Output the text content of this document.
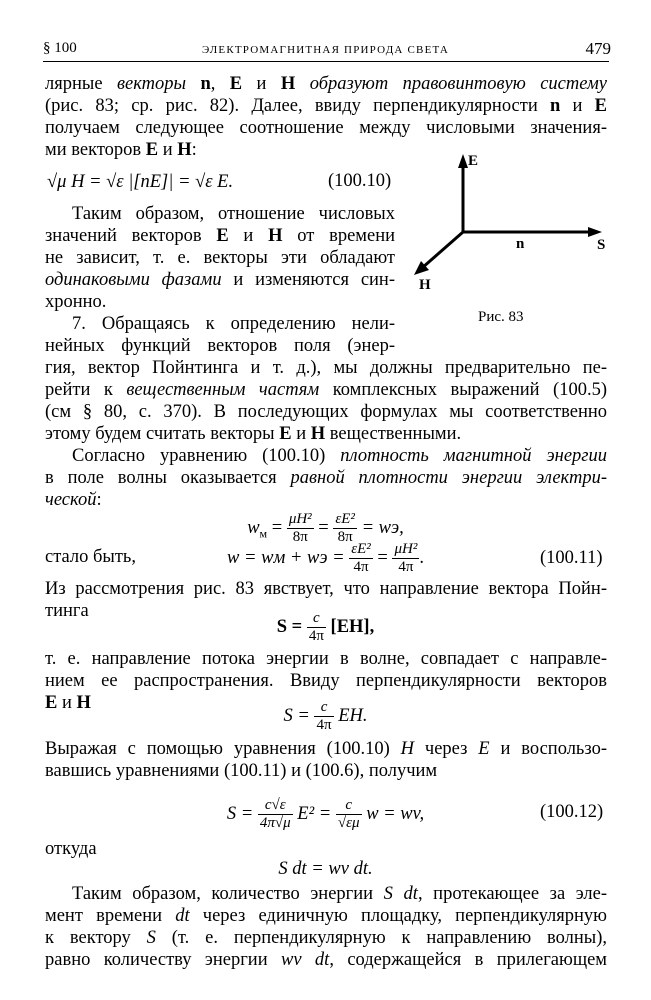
§ 100	ЭЛЕКТРОМАГНИТНАЯ ПРИРОДА СВЕТА	479
лярные векторы n, E и H образуют правовинтовую систему
(рис. 83; ср. рис. 82). Далее, ввиду перпендикулярности n и E
получаем следующее соотношение между числовыми значения-
ми векторов E и H:
√μ H = √ε |[nE]| = √ε E.	(100.10)
E
n	S
H
Рис. 83
Таким образом, отношение числовых
значений векторов E и H от времени
не зависит, т. е. векторы эти обладают
одинаковыми фазами и изменяются син-
хронно.
7. Обращаясь к определению нели-
нейных функций векторов поля (энер-
гия, вектор Пойнтинга и т. д.), мы должны предварительно пе-
рейти к вещественным частям комплексных выражений (100.5)
(см § 80, с. 370). В последующих формулах мы соответственно
этому будем считать векторы E и H вещественными.
Согласно уравнению (100.10) плотность магнитной энергии
в поле волны оказывается равной плотности энергии электри-
ческой:
$w_м = \frac{\text{μH²}}{8\pi} = \frac{\text{εE²}}{8\pi}$ = wэ,
стало быть,	w = wм + wэ = $\frac{\text{εE²}}{4\pi} = \frac{\text{μH²}}{4\pi}$ .	(100.11)
Из рассмотрения рис. 83 явствует, что направление вектора Пойн-
тинга
$S = \frac{c}{4\pi} [EH]$,
т. е. направление потока энергии в волне, совпадает с направле-
нием ее распространения. Ввиду перпендикулярности векторов
E и H
$S = \frac{c}{4\pi}$ EH.
Выражая с помощью уравнения (100.10) H через E и воспользо-
вавшись уравнениями (100.11) и (100.6), получим
$S = \frac{c√\varepsilon}{4\pi√\mu} E^2 = \frac{c}{√\varepsilon\mu}$ w = wv,	(100.12)
откуда
S dt = wv dt.
Таким образом, количество энергии S dt, протекающее за эле-
мент времени dt через единичную площадку, перпендикулярную
к вектору S (т. е. перпендикулярную к направлению волны),
равно количеству энергии wv dt, содержащейся в прилегающем
